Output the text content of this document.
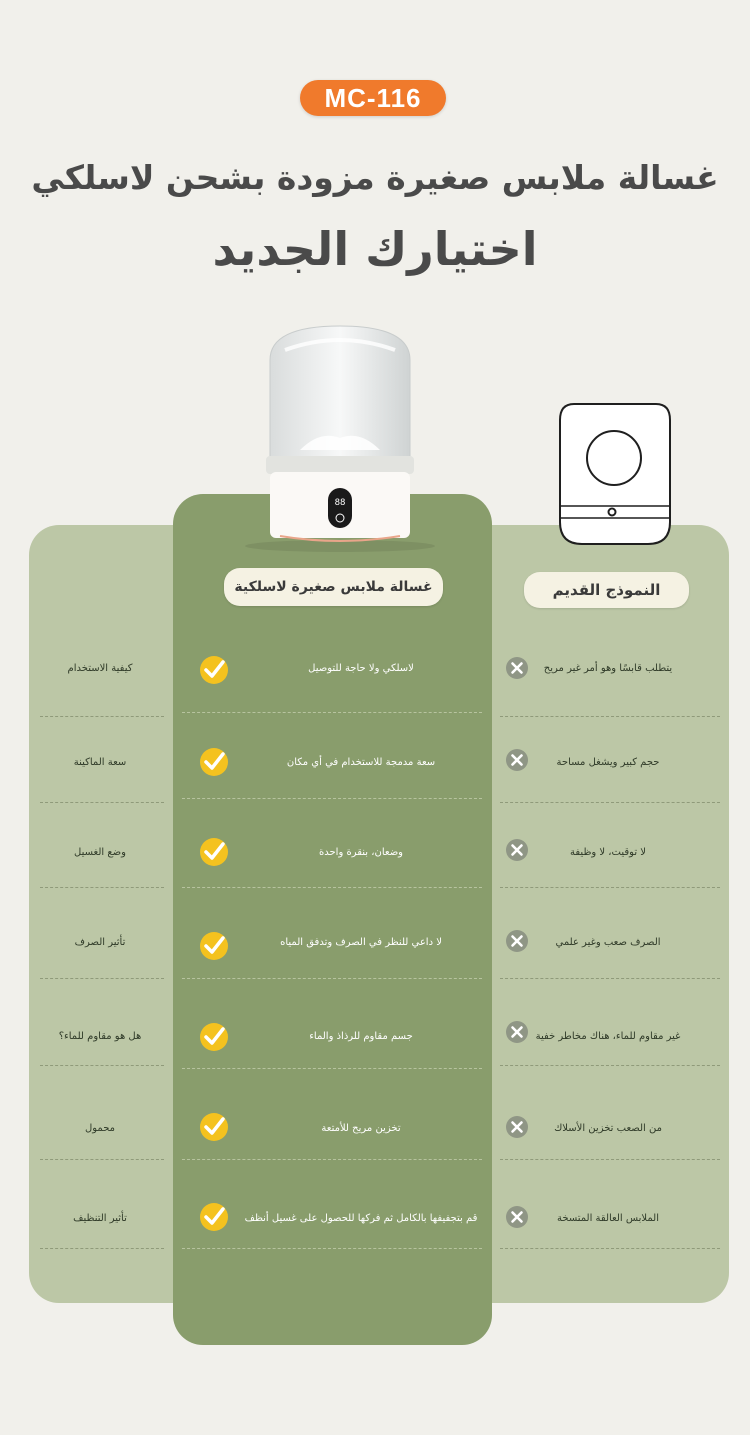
MC-116
غسالة ملابس صغيرة مزودة بشحن لاسلكي
اختيارك الجديد
88
غسالة ملابس صغيرة لاسلكية	النموذج القديم
كيفية الاستخدام	لاسلكي ولا حاجة للتوصيل	يتطلب قابسًا وهو أمر غير مريح
سعة الماكينة	سعة مدمجة للاستخدام في أي مكان	حجم كبير ويشغل مساحة
وضع الغسيل	وضعان، بنقرة واحدة	لا توقيت، لا وظيفة
تأثير الصرف	لا داعي للنظر في الصرف وتدفق المياه	الصرف صعب وغير علمي
هل هو مقاوم للماء؟	جسم مقاوم للرذاذ والماء	غير مقاوم للماء، هناك مخاطر خفية
محمول	تخزين مريح للأمتعة	من الصعب تخزين الأسلاك
تأثير التنظيف	قم بتجفيفها بالكامل ثم فركها للحصول على غسيل أنظف	الملابس العالقة المتسخة
